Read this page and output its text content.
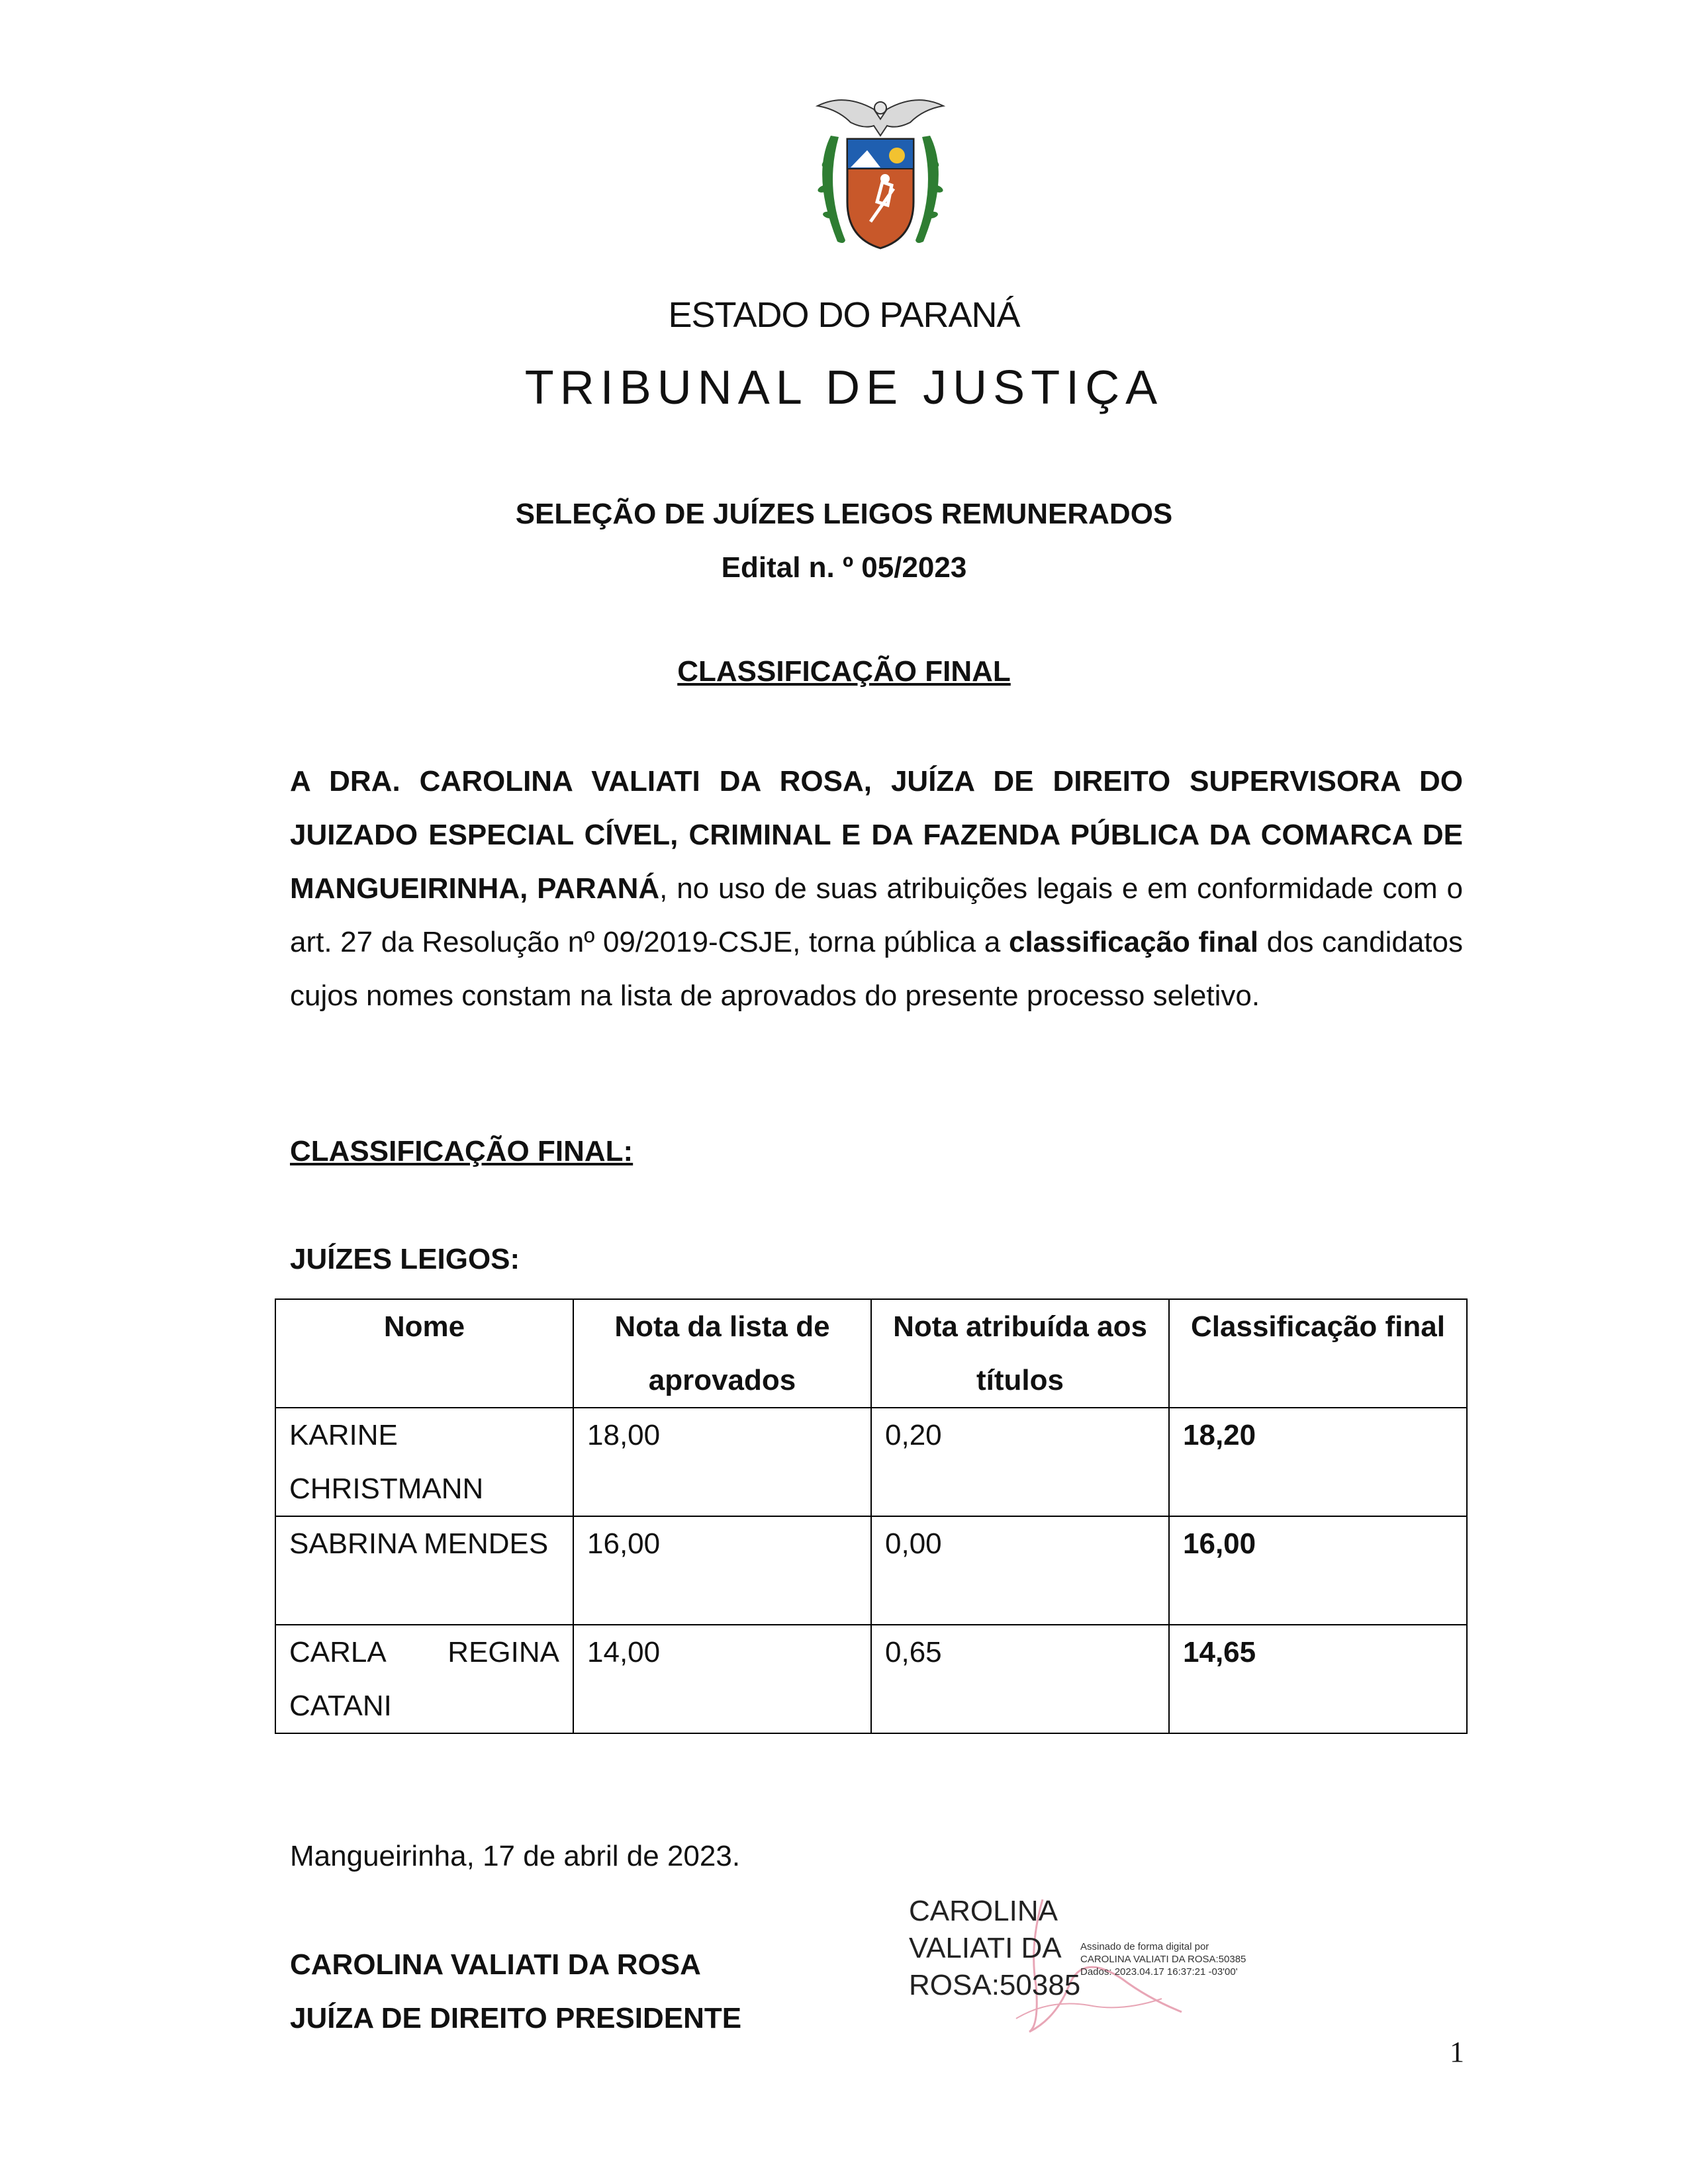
ESTADO DO PARANÁ
TRIBUNAL DE JUSTIÇA
SELEÇÃO DE JUÍZES LEIGOS REMUNERADOS
Edital n. º 05/2023
CLASSIFICAÇÃO FINAL
A DRA. CAROLINA VALIATI DA ROSA, JUÍZA DE DIREITO SUPERVISORA DO JUIZADO ESPECIAL CÍVEL, CRIMINAL E DA FAZENDA PÚBLICA DA COMARCA DE MANGUEIRINHA, PARANÁ, no uso de suas atribuições legais e em conformidade com o art. 27 da Resolução nº 09/2019-CSJE, torna pública a classificação final dos candidatos cujos nomes constam na lista de aprovados do presente processo seletivo.
CLASSIFICAÇÃO FINAL:
JUÍZES LEIGOS:
Nome	Nota da lista de aprovados	Nota atribuída aos títulos	Classificação final
KARINE CHRISTMANN	18,00	0,20	18,20
SABRINA MENDES	16,00	0,00	16,00
CARLA REGINA CATANI	14,00	0,65	14,65
Mangueirinha, 17 de abril de 2023.
CAROLINA VALIATI DA ROSA
JUÍZA DE DIREITO PRESIDENTE
CAROLINA VALIATI DA ROSA:50385
Assinado de forma digital por
CAROLINA VALIATI DA ROSA:50385
Dados: 2023.04.17 16:37:21 -03'00'
1
